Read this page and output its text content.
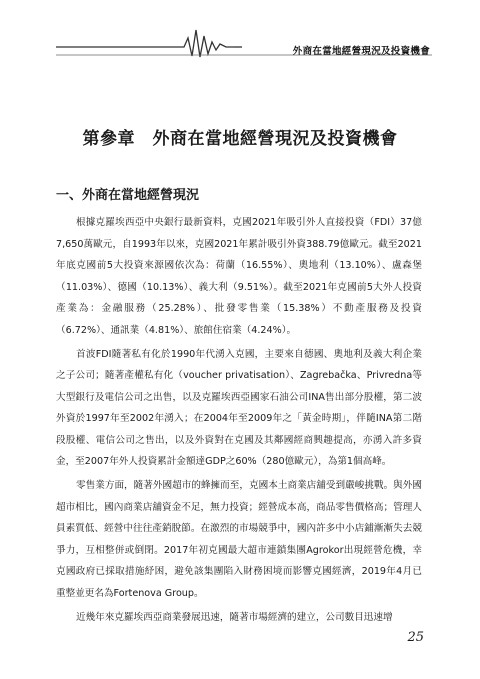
外商在當地經營現況及投資機會
第參章　外商在當地經營現況及投資機會
一、外商在當地經營現況

根據克羅埃西亞中央銀行最新資料，克國2021年吸引外人直接投資（FDI）37億7,650萬歐元，自1993年以來，克國2021年累計吸引外資388.79億歐元。截至2021年底克國前5大投資來源國依次為：荷蘭（16.55%）、奧地利（13.10%）、盧森堡（11.03%）、德國（10.13%）、義大利（9.51%）。截至2021年克國前5大外人投資產業為：金融服務（25.28%）、批發零售業（15.38%）不動產服務及投資（6.72%）、通訊業（4.81%）、旅館住宿業（4.24%）。

首波FDI隨著私有化於1990年代湧入克國，主要來自德國、奧地利及義大利企業之子公司；隨著產權私有化（voucher privatisation）、Zagrebačka、Privredna等大型銀行及電信公司之出售，以及克羅埃西亞國家石油公司INA售出部分股權，第二波外資於1997年至2002年湧入；在2004年至2009年之「黃金時期」，伴隨INA第二階段股權、電信公司之售出，以及外資對在克國及其鄰國經商興趣提高，亦湧入許多資金，至2007年外人投資累計金額達GDP之60%（280億歐元），為第1個高峰。

零售業方面，隨著外國超市的蜂擁而至，克國本土商業店舖受到嚴峻挑戰。與外國超市相比，國內商業店舖資金不足，無力投資；經營成本高，商品零售價格高；管理人員素質低、經營中往往產銷脫節。在激烈的市場競爭中，國內許多中小店鋪漸漸失去競爭力，互相整併或倒閉。2017年初克國最大超市連鎖集團Agrokor出現經營危機，幸克國政府已採取措施紓困，避免該集團陷入財務困境而影響克國經濟，2019年4月已重整並更名為Fortenova Group。

近幾年來克羅埃西亞商業發展迅速，隨著市場經濟的建立，公司數目迅速增

25
